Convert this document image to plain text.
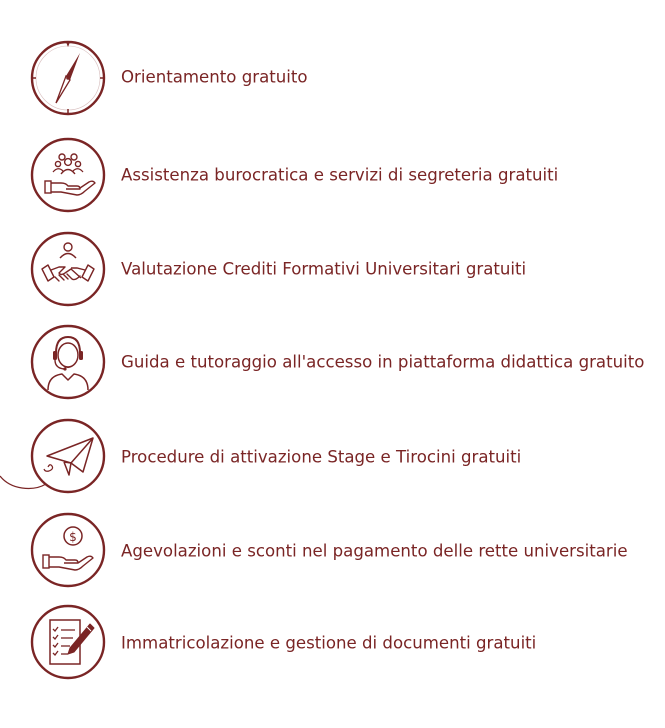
Orientamento gratuito
Assistenza burocratica e servizi di segreteria gratuiti
Valutazione Crediti Formativi Universitari gratuiti
Guida e tutoraggio all'accesso in piattaforma didattica gratuito
Procedure di attivazione Stage e Tirocini gratuiti
$
Agevolazioni e sconti nel pagamento delle rette universitarie
Immatricolazione e gestione di documenti gratuiti
